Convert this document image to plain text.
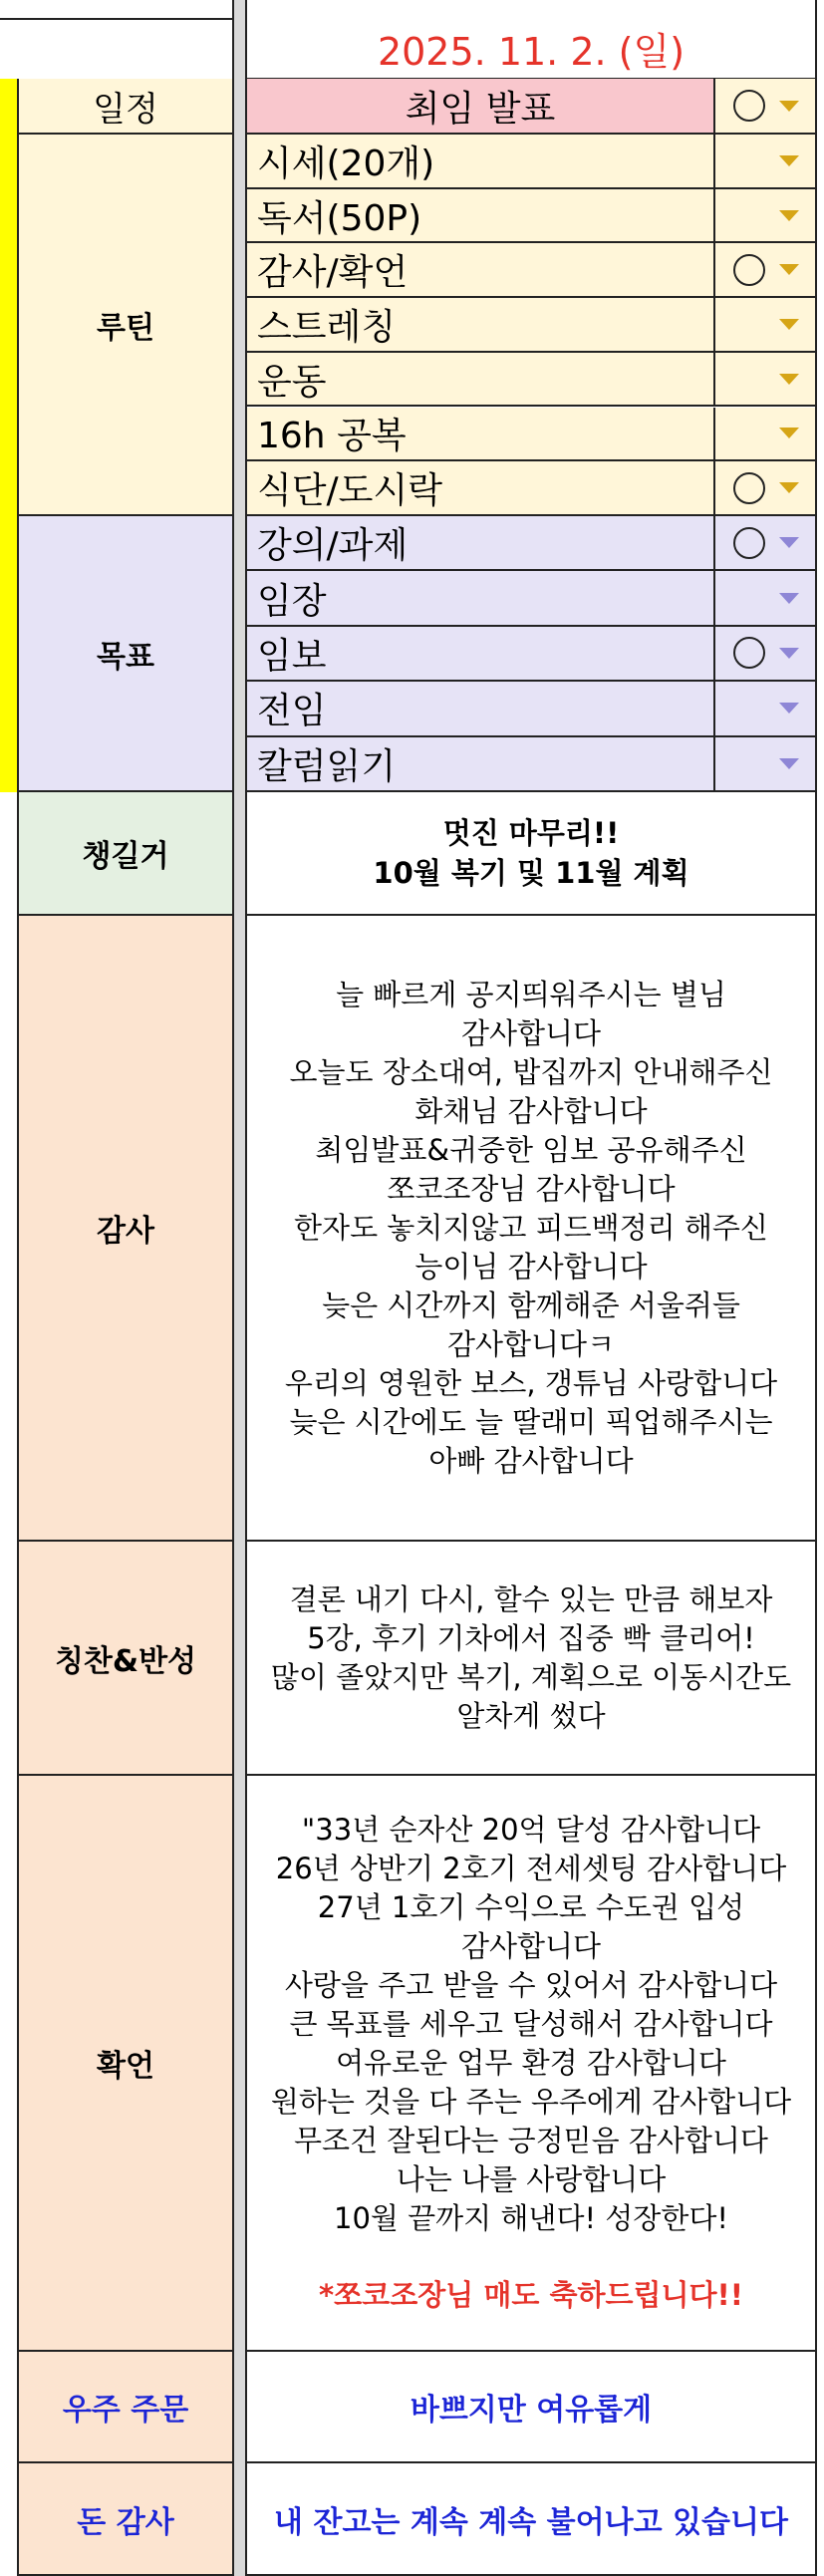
2025. 11. 2. (일)
일정
루틴
목표
챙길거
감사
칭찬&반성
확언
우주 주문
돈 감사
최임 발표
시세(20개)
독서(50P)
감사/확언
스트레칭
운동
16h 공복
식단/도시락
강의/과제
임장
임보
전임
칼럼읽기
멋진 마무리!!
10월 복기 및 11월 계획
늘 빠르게 공지띄워주시는 별님
감사합니다
오늘도 장소대여, 밥집까지 안내해주신
화채님 감사합니다
최임발표&귀중한 임보 공유해주신
쪼코조장님 감사합니다
한자도 놓치지않고 피드백정리 해주신
능이님 감사합니다
늦은 시간까지 함께해준 서울쥐들
감사합니다ㅋ
우리의 영원한 보스, 갱튜님 사랑합니다
늦은 시간에도 늘 딸래미 픽업해주시는
아빠 감사합니다
결론 내기 다시, 할수 있는 만큼 해보자
5강, 후기 기차에서 집중 빡 클리어!
많이 졸았지만 복기, 계획으로 이동시간도
알차게 썼다
"33년 순자산 20억 달성 감사합니다
26년 상반기 2호기 전세셋팅 감사합니다
27년 1호기 수익으로 수도권 입성
감사합니다
사랑을 주고 받을 수 있어서 감사합니다
큰 목표를 세우고 달성해서 감사합니다
여유로운 업무 환경 감사합니다
원하는 것을 다 주는 우주에게 감사합니다
무조건 잘된다는 긍정믿음 감사합니다
나는 나를 사랑합니다
10월 끝까지 해낸다! 성장한다!
*쪼코조장님 매도 축하드립니다!!
바쁘지만 여유롭게
내 잔고는 계속 계속 불어나고 있습니다
